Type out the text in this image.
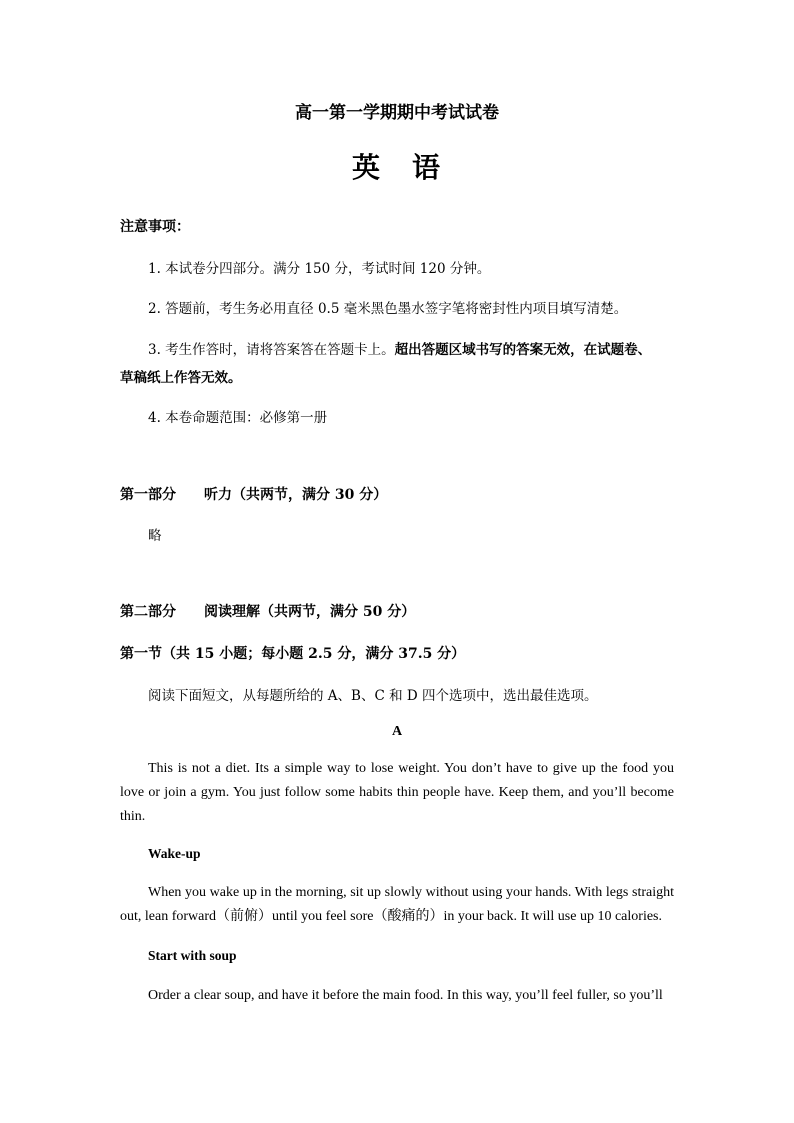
高一第一学期期中考试试卷
英　语
注意事项：
1. 本试卷分四部分。满分 150 分，考试时间 120 分钟。
2. 答题前，考生务必用直径 0.5 毫米黑色墨水签字笔将密封性内项目填写清楚。
3. 考生作答时，请将答案答在答题卡上。超出答题区域书写的答案无效，在试题卷、
草稿纸上作答无效。
4. 本卷命题范围：必修第一册
第一部分 听力（共两节，满分 30 分）
略
第二部分 阅读理解（共两节，满分 50 分）
第一节（共 15 小题；每小题 2.5 分，满分 37.5 分）
阅读下面短文，从每题所给的 A、B、C 和 D 四个选项中，选出最佳选项。
A
This is not a diet. Its a simple way to lose weight. You don’t have to give up the food you love or join a gym. You just follow some habits thin people have. Keep them, and you’ll become thin.
Wake-up
When you wake up in the morning, sit up slowly without using your hands. With legs straight out, lean forward（前俯）until you feel sore（酸痛的）in your back. It will use up 10 calories.
Start with soup
Order a clear soup, and have it before the main food. In this way, you’ll feel fuller, so you’ll
